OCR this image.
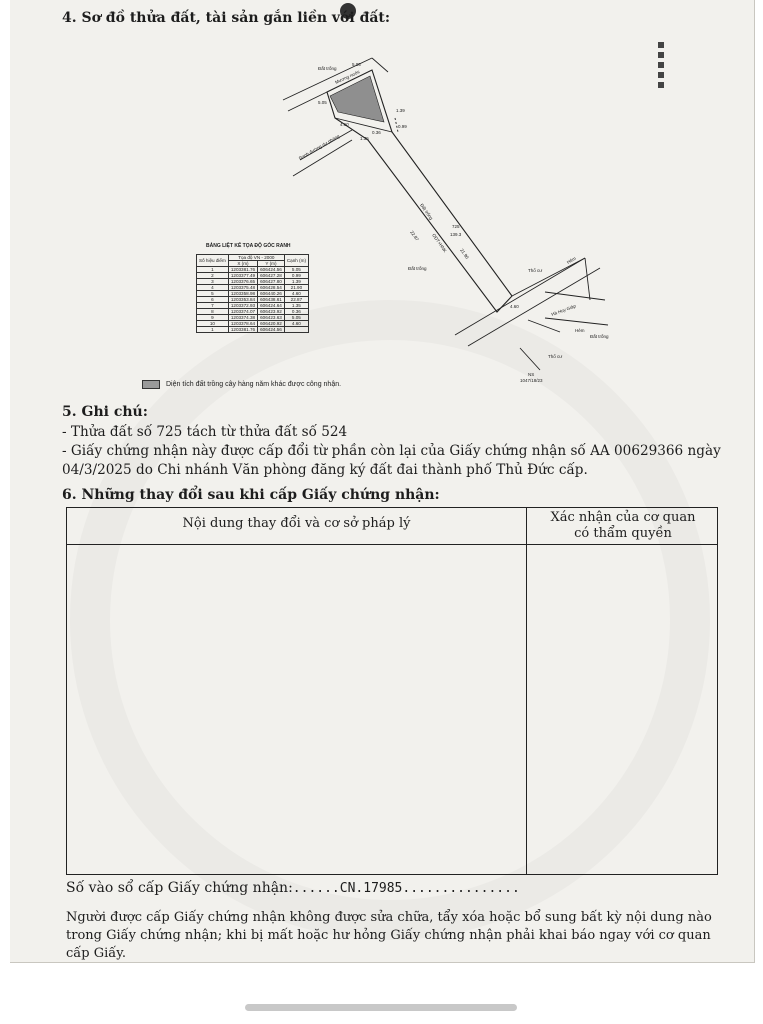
4. Sơ đồ thửa đất, tài sản gắn liền với đất:
Đất trống
Mương nước
Đất trống
Đất trống
ODT+HNK
725
139.3
Thổ cư
Thổ cư
Hẻm
Hà Huy Giáp
Hẻm
Đất trống
NS
1047/18/23
Ranh đường dự phóng
5.05
0.99
1.39
21.90
4.60
22.87
1.35
0.36
5.05
4.60
BẢNG LIỆT KÊ TỌA ĐỘ GÓC RANH
Số hiệu điểm	Tọa độ VN - 2000		Cạnh (m)
	X (m)	Y (m)	
1	1203381.76	606424.56	5.05
2	1203377.49	606427.28	0.99
3	1203376.65	606427.80	1.39
4	1203375.48	606428.54	21.90
5	1203358.98	606440.26	4.60
6	1203353.84	606438.61	22.87
7	1203372.93	606424.64	1.35
8	1203374.07	606423.92	0.36
9	1203374.38	606423.63	5.05
10	1203378.64	606420.92	4.60
1	1203381.76	606424.56	
Diện tích đất trồng cây hàng năm khác được công nhận.
5. Ghi chú:
- Thửa đất số 725 tách từ thửa đất số 524
- Giấy chứng nhận này được cấp đổi từ phần còn lại của Giấy chứng nhận số AA 00629366 ngày
04/3/2025 do Chi nhánh Văn phòng đăng ký đất đai thành phố Thủ Đức cấp.
6. Những thay đổi sau khi cấp Giấy chứng nhận:
Nội dung thay đổi và cơ sở pháp lý	Xác nhận của cơ quan
có thẩm quyền
Số vào sổ cấp Giấy chứng nhận:......CN.17985...............
Người được cấp Giấy chứng nhận không được sửa chữa, tẩy xóa hoặc bổ sung bất kỳ nội dung nào trong Giấy chứng nhận; khi bị mất hoặc hư hỏng Giấy chứng nhận phải khai báo ngay với cơ quan cấp Giấy.
